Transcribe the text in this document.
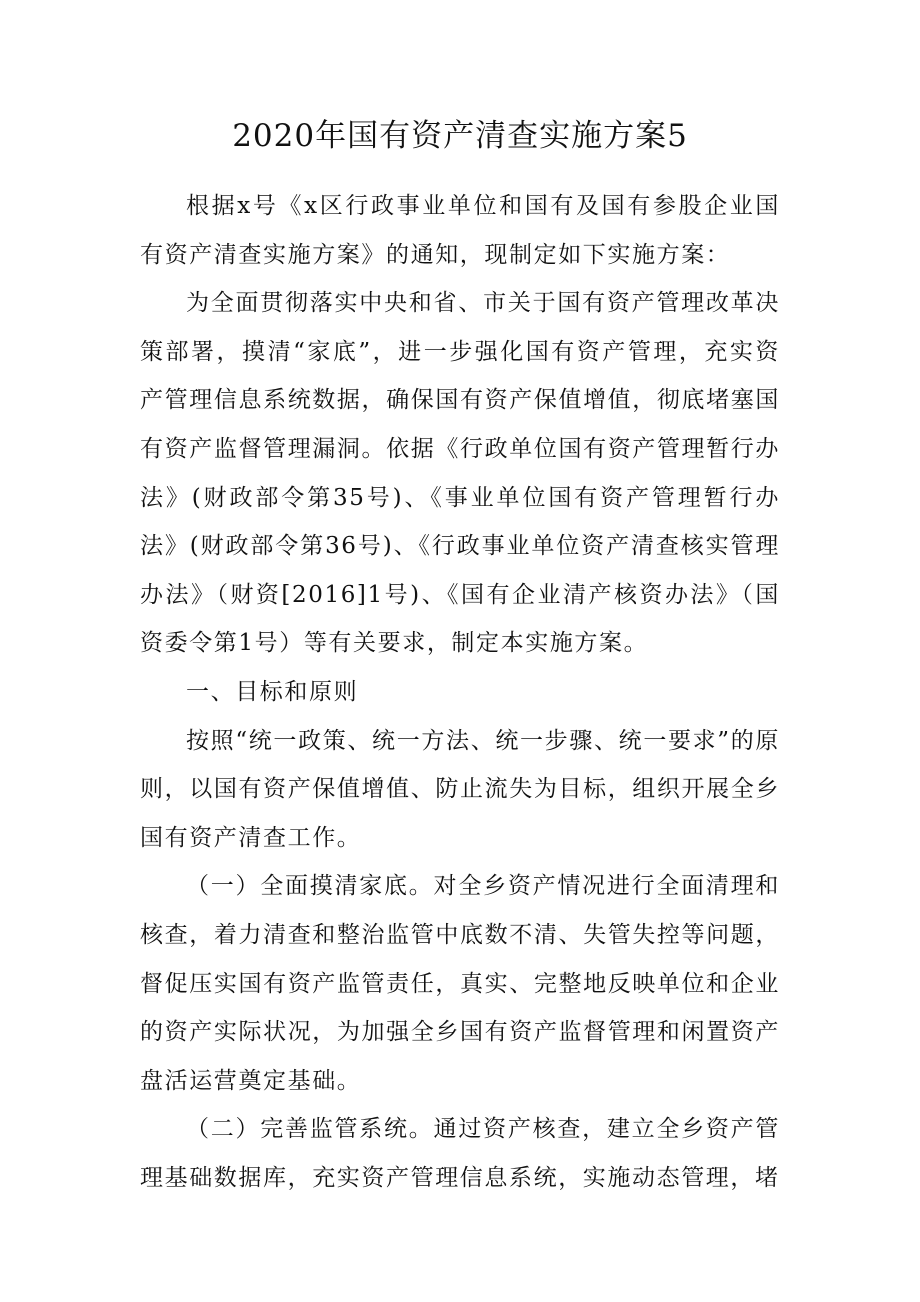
2020年国有资产清查实施方案5

根据x号《x区行政事业单位和国有及国有参股企业国有资产清查实施方案》的通知，现制定如下实施方案：

为全面贯彻落实中央和省、市关于国有资产管理改革决策部署，摸清“家底”，进一步强化国有资产管理，充实资产管理信息系统数据，确保国有资产保值增值，彻底堵塞国有资产监督管理漏洞。依据《行政单位国有资产管理暂行办法》(财政部令第35号)、《事业单位国有资产管理暂行办法》(财政部令第36号)、《行政事业单位资产清查核实管理办法》（财资[2016]1号)、《国有企业清产核资办法》（国资委令第1号）等有关要求，制定本实施方案。

一、目标和原则

按照“统一政策、统一方法、统一步骤、统一要求”的原则，以国有资产保值增值、防止流失为目标，组织开展全乡国有资产清查工作。

（一）全面摸清家底。对全乡资产情况进行全面清理和核查，着力清查和整治监管中底数不清、失管失控等问题，督促压实国有资产监管责任，真实、完整地反映单位和企业的资产实际状况，为加强全乡国有资产监督管理和闲置资产盘活运营奠定基础。

（二）完善监管系统。通过资产核查，建立全乡资产管理基础数据库，充实资产管理信息系统，实施动态管理，堵
